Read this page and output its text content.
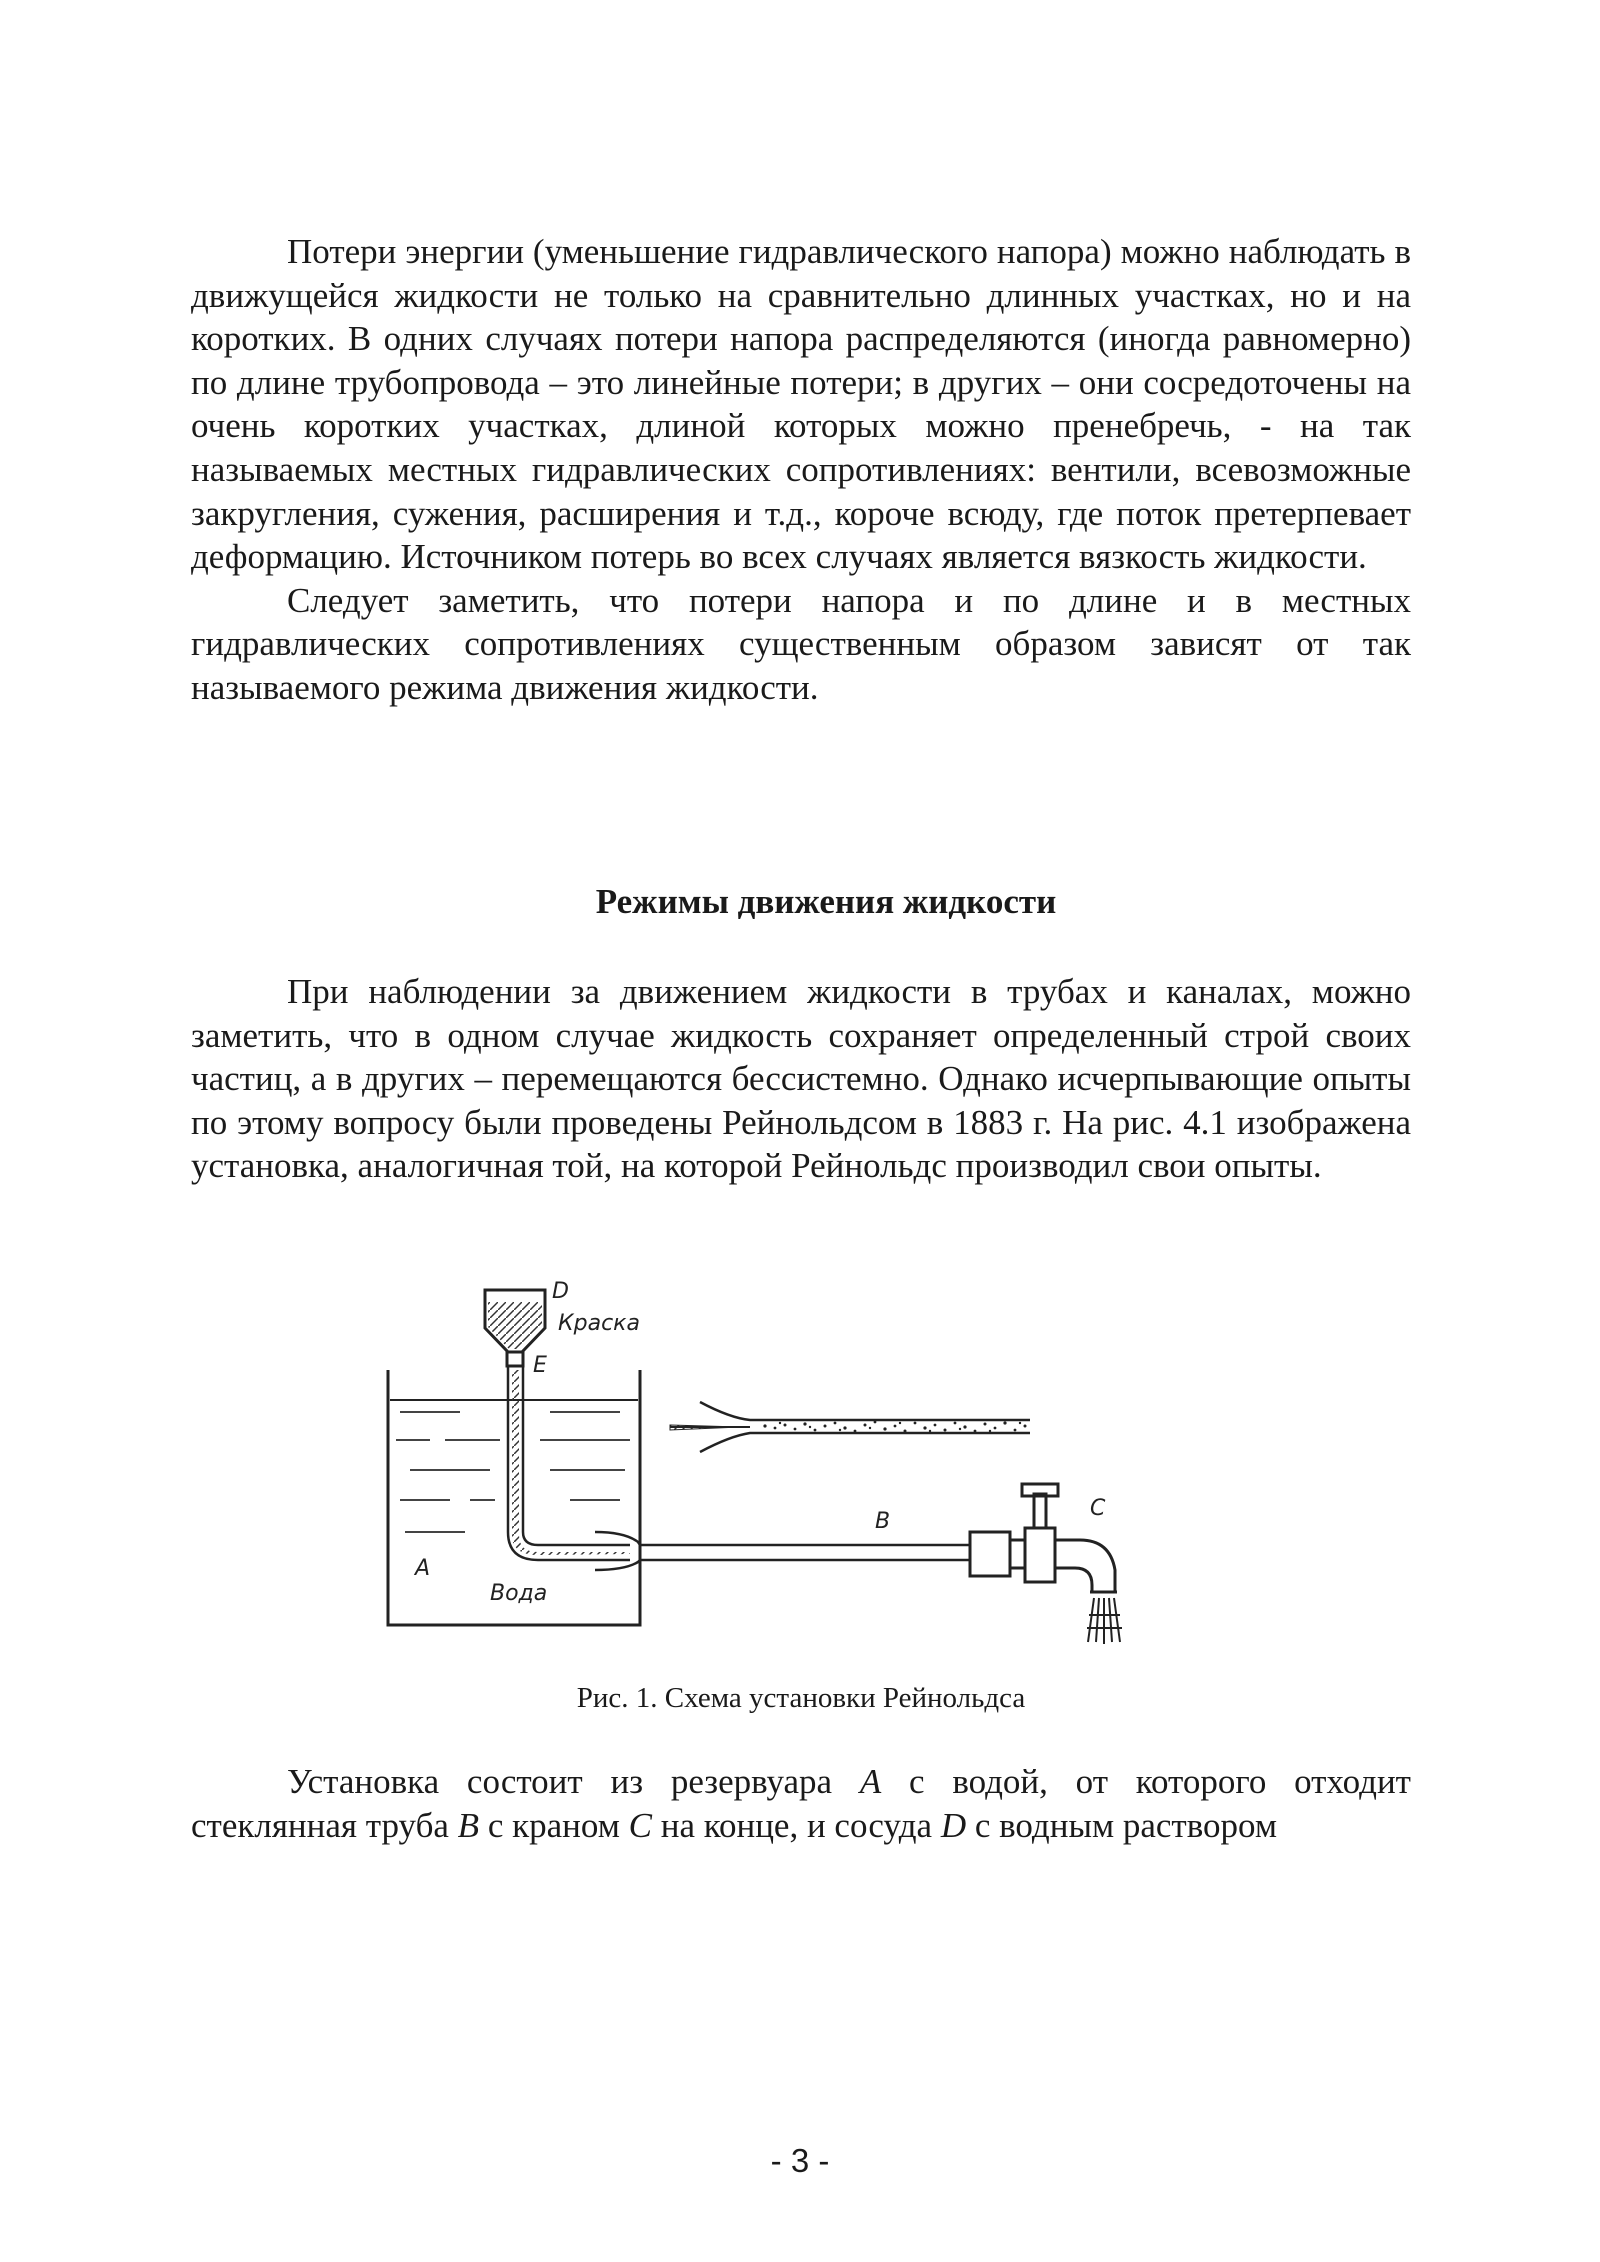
Потери энергии (уменьшение гидравлического напора) можно наблюдать в движущейся жидкости не только на сравнительно длинных участках, но и на коротких. В одних случаях потери напора распределяются (иногда равномерно) по длине трубопровода – это линейные потери; в других – они сосредоточены на очень коротких участках, длиной которых можно пренебречь, - на так называемых местных гидравлических сопротивлениях: вентили, всевозможные закругления, сужения, расширения и т.д., короче всюду, где поток претерпевает деформацию. Источником потерь во всех случаях является вязкость жидкости.

Следует заметить, что потери напора и по длине и в местных гидравлических сопротивлениях существенным образом зависят от так называемого режима движения жидкости.

Режимы движения жидкости

При наблюдении за движением жидкости в трубах и каналах, можно заметить, что в одном случае жидкость сохраняет определенный строй своих частиц, а в других – перемещаются бессистемно. Однако исчерпывающие опыты по этому вопросу были проведены Рейнольдсом в 1883 г. На рис. 4.1 изображена установка, аналогичная той, на которой Рейнольдс производил свои опыты.

D
Краска
E
A
Вода
B
C
Рис. 1. Схема установки Рейнольдса

Установка состоит из резервуара A с водой, от которого отходит стеклянная труба B с краном C на конце, и сосуда D с водным раствором

- 3 -
